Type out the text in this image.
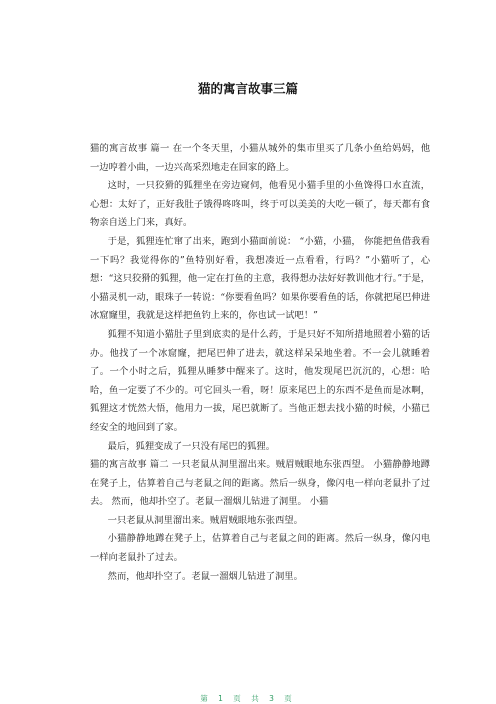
猫的寓言故事三篇

猫的寓言故事 篇一 在一个冬天里，小猫从城外的集市里买了几条小鱼给妈妈，他一边哼着小曲，一边兴高采烈地走在回家的路上。

这时，一只狡猾的狐狸坐在旁边窥伺，他看见小猫手里的小鱼馋得口水直流，心想：太好了，正好我肚子饿得咚咚叫，终于可以美美的大吃一顿了，每天都有食物亲自送上门来，真好。

于是，狐狸连忙窜了出来，跑到小猫面前说： “小猫，小猫， 你能把鱼借我看一下吗？我觉得你的”鱼特别好看，我想凑近一点看看，行吗？”小猫听了，心想：“这只狡猾的狐狸，他一定在打鱼的主意，我得想办法好好教训他才行。”于是，小猫灵机一动，眼珠子一转说：“你要看鱼吗？如果你要看鱼的话，你就把尾巴伸进冰窟窿里，我就是这样把鱼钓上来的，你也试一试吧！”

狐狸不知道小猫肚子里到底卖的是什么药，于是只好不知所措地照着小猫的话办。他找了一个冰窟窿，把尾巴伸了进去，就这样呆呆地坐着。不一会儿就睡着了。一个小时之后，狐狸从睡梦中醒来了。这时，他发现尾巴沉沉的，心想：哈哈，鱼一定要了不少的。可它回头一看，呀！原来尾巴上的东西不是鱼而是冰啊，狐狸这才恍然大悟，他用力一拔，尾巴就断了。当他正想去找小猫的时候，小猫已经安全的地回到了家。

最后，狐狸变成了一只没有尾巴的狐狸。

猫的寓言故事 篇二 一只老鼠从洞里溜出来。贼眉贼眼地东张西望。 小猫静静地蹲在凳子上，估算着自己与老鼠之间的距离。然后一纵身，像闪电一样向老鼠扑了过去。 然而，他却扑空了。老鼠一溜烟儿钻进了洞里。 小猫

一只老鼠从洞里溜出来。贼眉贼眼地东张西望。

小猫静静地蹲在凳子上，估算着自己与老鼠之间的距离。然后一纵身，像闪电一样向老鼠扑了过去。

然而，他却扑空了。老鼠一溜烟儿钻进了洞里。

第 1 页 共 3 页
